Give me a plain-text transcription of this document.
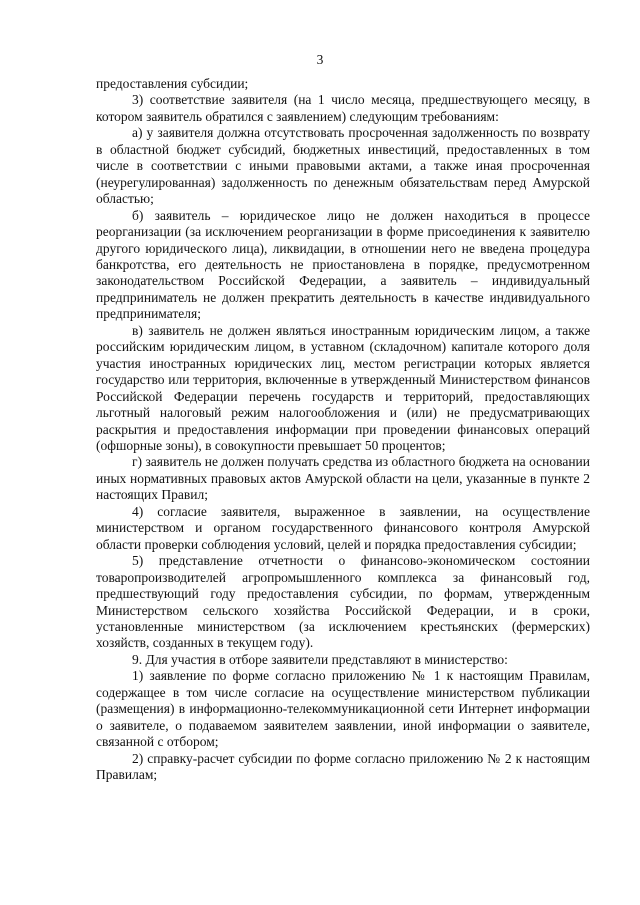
3

предоставления субсидии;

3) соответствие заявителя (на 1 число месяца, предшествующего месяцу, в котором заявитель обратился с заявлением) следующим требованиям:

а) у заявителя должна отсутствовать просроченная задолженность по возврату в областной бюджет субсидий, бюджетных инвестиций, предоставленных в том числе в соответствии с иными правовыми актами, а также иная просроченная (неурегулированная) задолженность по денежным обязательствам перед Амурской областью;

б) заявитель – юридическое лицо не должен находиться в процессе реорганизации (за исключением реорганизации в форме присоединения к заявителю другого юридического лица), ликвидации, в отношении него не введена процедура банкротства, его деятельность не приостановлена в порядке, предусмотренном законодательством Российской Федерации, а заявитель – индивидуальный предприниматель не должен прекратить деятельность в качестве индивидуального предпринимателя;

в) заявитель не должен являться иностранным юридическим лицом, а также российским юридическим лицом, в уставном (складочном) капитале которого доля участия иностранных юридических лиц, местом регистрации которых является государство или территория, включенные в утвержденный Министерством финансов Российской Федерации перечень государств и территорий, предоставляющих льготный налоговый режим налогообложения и (или) не предусматривающих раскрытия и предоставления информации при проведении финансовых операций (офшорные зоны), в совокупности превышает 50 процентов;

г) заявитель не должен получать средства из областного бюджета на основании иных нормативных правовых актов Амурской области на цели, указанные в пункте 2 настоящих Правил;

4) согласие заявителя, выраженное в заявлении, на осуществление министерством и органом государственного финансового контроля Амурской области проверки соблюдения условий, целей и порядка предоставления субсидии;

5) представление отчетности о финансово-экономическом состоянии товаропроизводителей агропромышленного комплекса за финансовый год, предшествующий году предоставления субсидии, по формам, утвержденным Министерством сельского хозяйства Российской Федерации, и в сроки, установленные министерством (за исключением крестьянских (фермерских) хозяйств, созданных в текущем году).

9. Для участия в отборе заявители представляют в министерство:

1) заявление по форме согласно приложению № 1 к настоящим Правилам, содержащее в том числе согласие на осуществление министерством публикации (размещения) в информационно-телекоммуникационной сети Интернет информации о заявителе, о подаваемом заявителем заявлении, иной информации о заявителе, связанной с отбором;

2) справку-расчет субсидии по форме согласно приложению № 2 к настоящим Правилам;
